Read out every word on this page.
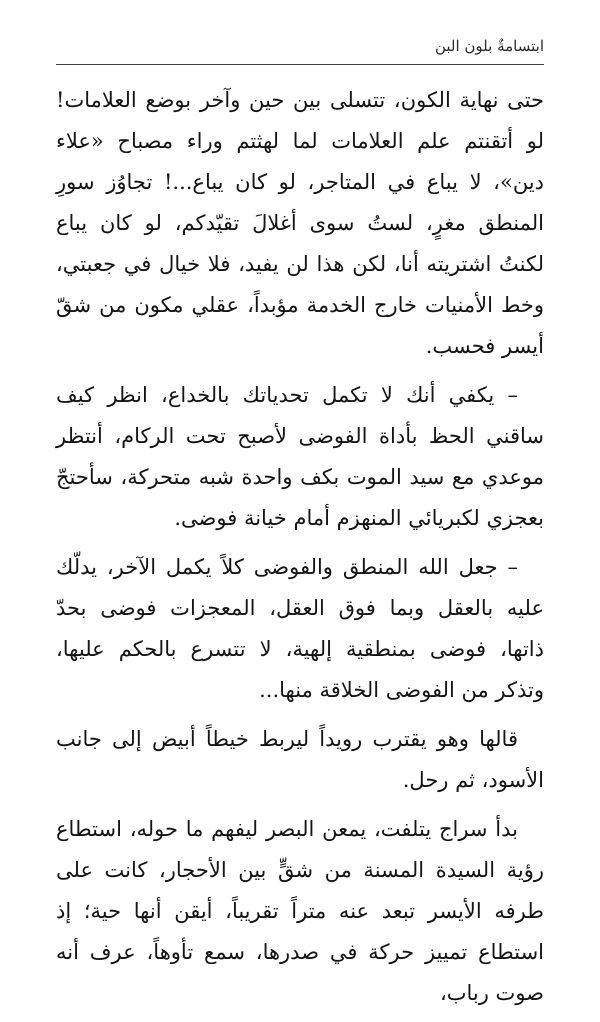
ابتسامةٌ بلون البن

حتى نهاية الكون، تتسلى بين حين وآخر بوضع العلامات! لو أتقنتم علم العلامات لما لهثتم وراء مصباح «علاء دين»، لا يباع في المتاجر، لو كان يباع...! تجاوُز سورِ المنطق مغرٍ، لستُ سوى أغلالَ تقيّدكم، لو كان يباع لكنتُ اشتريته أنا، لكن هذا لن يفيد، فلا خيال في جعبتي، وخط الأمنيات خارج الخدمة مؤبداً، عقلي مكون من شقّ أيسر فحسب.

– يكفي أنك لا تكمل تحدياتك بالخداع، انظر كيف ساقني الحظ بأداة الفوضى لأصبح تحت الركام، أنتظر موعدي مع سيد الموت بكف واحدة شبه متحركة، سأحتجّ بعجزي لكبريائي المنهزم أمام خيانة فوضى.

– جعل الله المنطق والفوضى كلاً يكمل الآخر، يدلّك عليه بالعقل وبما فوق العقل، المعجزات فوضى بحدّ ذاتها، فوضى بمنطقية إلهية، لا تتسرع بالحكم عليها، وتذكر من الفوضى الخلاقة منها...

قالها وهو يقترب رويداً ليربط خيطاً أبيض إلى جانب الأسود، ثم رحل.

بدأ سراج يتلفت، يمعن البصر ليفهم ما حوله، استطاع رؤية السيدة المسنة من شقٍّ بين الأحجار، كانت على طرفه الأيسر تبعد عنه متراً تقريباً، أيقن أنها حية؛ إذ استطاع تمييز حركة في صدرها، سمع تأوهاً، عرف أنه صوت رباب،
